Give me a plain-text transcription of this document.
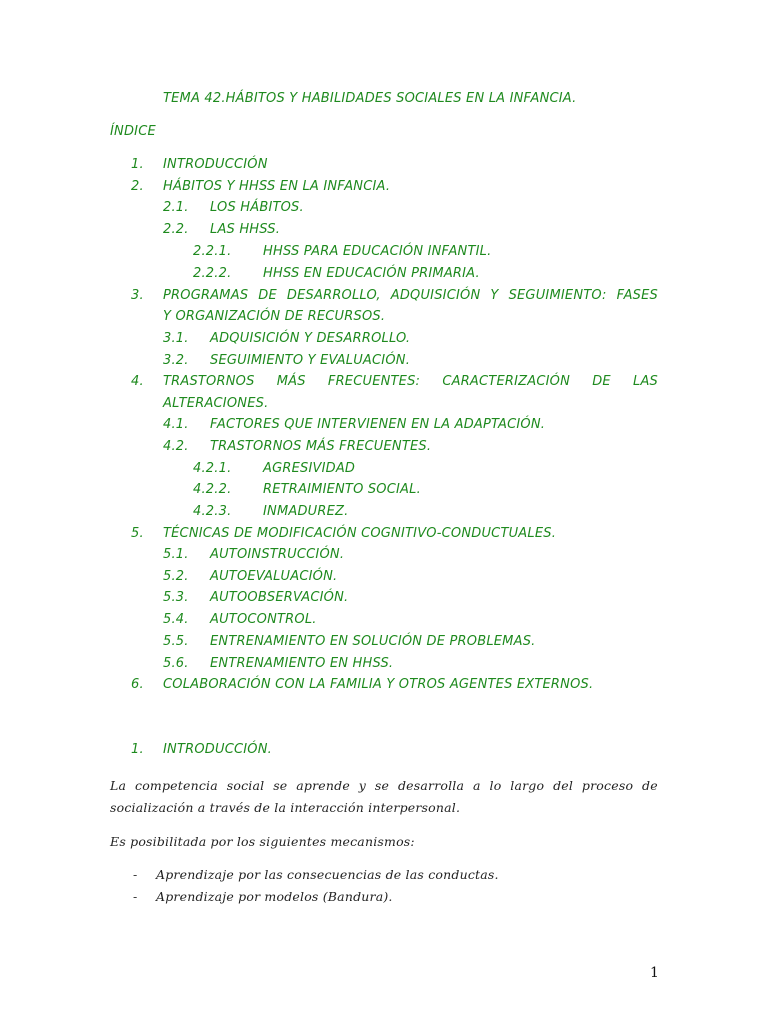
TEMA 42.HÁBITOS Y HABILIDADES SOCIALES EN LA INFANCIA.
ÍNDICE
1. INTRODUCCIÓN
2. HÁBITOS Y HHSS EN LA INFANCIA.
2.1. LOS HÁBITOS.
2.2. LAS HHSS.
2.2.1. HHSS PARA EDUCACIÓN INFANTIL.
2.2.2. HHSS EN EDUCACIÓN PRIMARIA.
3. PROGRAMAS DE DESARROLLO, ADQUISICIÓN Y SEGUIMIENTO: FASES
Y ORGANIZACIÓN DE RECURSOS.
3.1. ADQUISICIÓN Y DESARROLLO.
3.2. SEGUIMIENTO Y EVALUACIÓN.
4. TRASTORNOS MÁS FRECUENTES: CARACTERIZACIÓN DE LAS
ALTERACIONES.
4.1. FACTORES QUE INTERVIENEN EN LA ADAPTACIÓN.
4.2. TRASTORNOS MÁS FRECUENTES.
4.2.1. AGRESIVIDAD
4.2.2. RETRAIMIENTO SOCIAL.
4.2.3. INMADUREZ.
5. TÉCNICAS DE MODIFICACIÓN COGNITIVO-CONDUCTUALES.
5.1. AUTOINSTRUCCIÓN.
5.2. AUTOEVALUACIÓN.
5.3. AUTOOBSERVACIÓN.
5.4. AUTOCONTROL.
5.5. ENTRENAMIENTO EN SOLUCIÓN DE PROBLEMAS.
5.6. ENTRENAMIENTO EN HHSS.
6. COLABORACIÓN CON LA FAMILIA Y OTROS AGENTES EXTERNOS.
1. INTRODUCCIÓN.
La competencia social se aprende y se desarrolla a lo largo del proceso de
socialización a través de la interacción interpersonal.
Es posibilitada por los siguientes mecanismos:
- Aprendizaje por las consecuencias de las conductas.
- Aprendizaje por modelos (Bandura).
1
